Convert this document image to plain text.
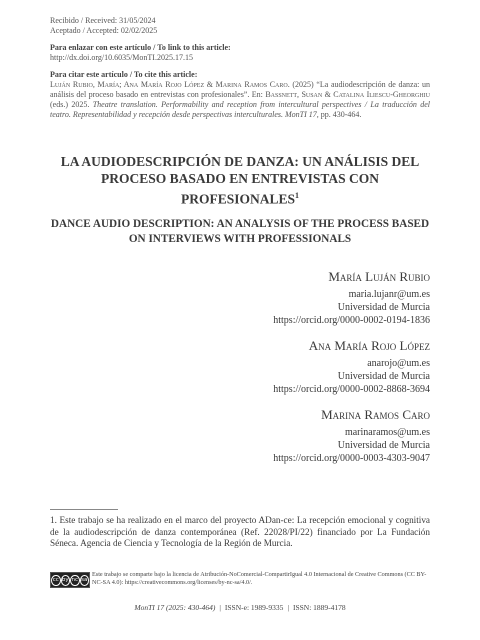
Recibido / Received: 31/05/2024

Aceptado / Accepted: 02/02/2025

Para enlazar con este artículo / To link to this article:

http://dx.doi.org/10.6035/MonTI.2025.17.15

Para citar este artículo / To cite this article:

Luján Rubio, María; Ana María Rojo López & Marina Ramos Caro. (2025) “La audiodescripción de danza: un análisis del proceso basado en entrevistas con profesionales”. En: Bassnett, Susan & Catalina Iliescu-Gheorghiu (eds.) 2025. Theatre translation. Performability and reception from intercultural perspectives / La traducción del teatro. Representabilidad y recepción desde perspectivas interculturales. MonTI 17, pp. 430-464.

LA AUDIODESCRIPCIÓN DE DANZA: UN ANÁLISIS DEL PROCESO BASADO EN ENTREVISTAS CON PROFESIONALES$^1$
DANCE AUDIO DESCRIPTION: AN ANALYSIS OF THE PROCESS BASED ON INTERVIEWS WITH PROFESSIONALS
María Luján Rubio

maria.lujanr@um.es

Universidad de Murcia

https://orcid.org/0000-0002-0194-1836

Ana María Rojo López

anarojo@um.es

Universidad de Murcia

https://orcid.org/0000-0002-8868-3694

Marina Ramos Caro

marinaramos@um.es

Universidad de Murcia

https://orcid.org/0000-0003-4303-9047

1. Este trabajo se ha realizado en el marco del proyecto ADan-ce: La recepción emocional y cognitiva de la audiodescripción de danza contemporánea (Ref. 22028/PI/22) financiado por La Fundación Séneca. Agencia de Ciencia y Tecnología de la Región de Murcia.
cc by nc sa
Este trabajo se comparte bajo la licencia de Atribución-NoComercial-CompartirIgual 4.0 Internacional de Creative Commons (CC BY-NC-SA 4.0): https://creativecommons.org/licenses/by-nc-sa/4.0/.
MonTI 17 (2025: 430-464) | ISSN-e: 1989-9335 | ISSN: 1889-4178
